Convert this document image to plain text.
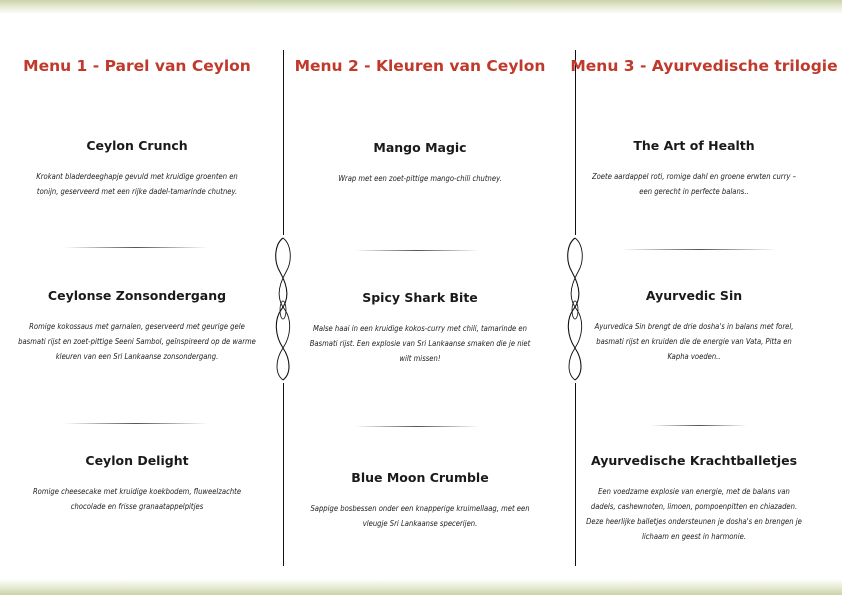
Menu 1 - Parel van Ceylon
Ceylon Crunch

Krokant bladerdeeghapje gevuld met kruidige groenten en tonijn, geserveerd met een rijke dadel-tamarinde chutney.

Ceylonse Zonsondergang

Romige kokossaus met garnalen, geserveerd met geurige gele basmati rijst en zoet-pittige Seeni Sambol, geïnspireerd op de warme kleuren van een Sri Lankaanse zonsondergang.

Ceylon Delight

Romige cheesecake met kruidige koekbodem, fluweelzachte chocolade en frisse granaatappelpitjes

Menu 2 - Kleuren van Ceylon
Mango Magic

Wrap met een zoet-pittige mango-chili chutney.

Spicy Shark Bite

Malse haai in een kruidige kokos-curry met chili, tamarinde en Basmati rijst. Een explosie van Sri Lankaanse smaken die je niet wilt missen!

Blue Moon Crumble

Sappige bosbessen onder een knapperige kruimellaag, met een vleugje Sri Lankaanse specerijen.

Menu 3 - Ayurvedische trilogie
The Art of Health

Zoete aardappel roti, romige dahl en groene erwten curry – een gerecht in perfecte balans..

Ayurvedic Sin

Ayurvedica Sin brengt de drie dosha's in balans met forel, basmati rijst en kruiden die de energie van Vata, Pitta en Kapha voeden..

Ayurvedische Krachtballetjes

Een voedzame explosie van energie, met de balans van dadels, cashewnoten, limoen, pompoenpitten en chiazaden. Deze heerlijke balletjes ondersteunen je dosha's en brengen je lichaam en geest in harmonie.
